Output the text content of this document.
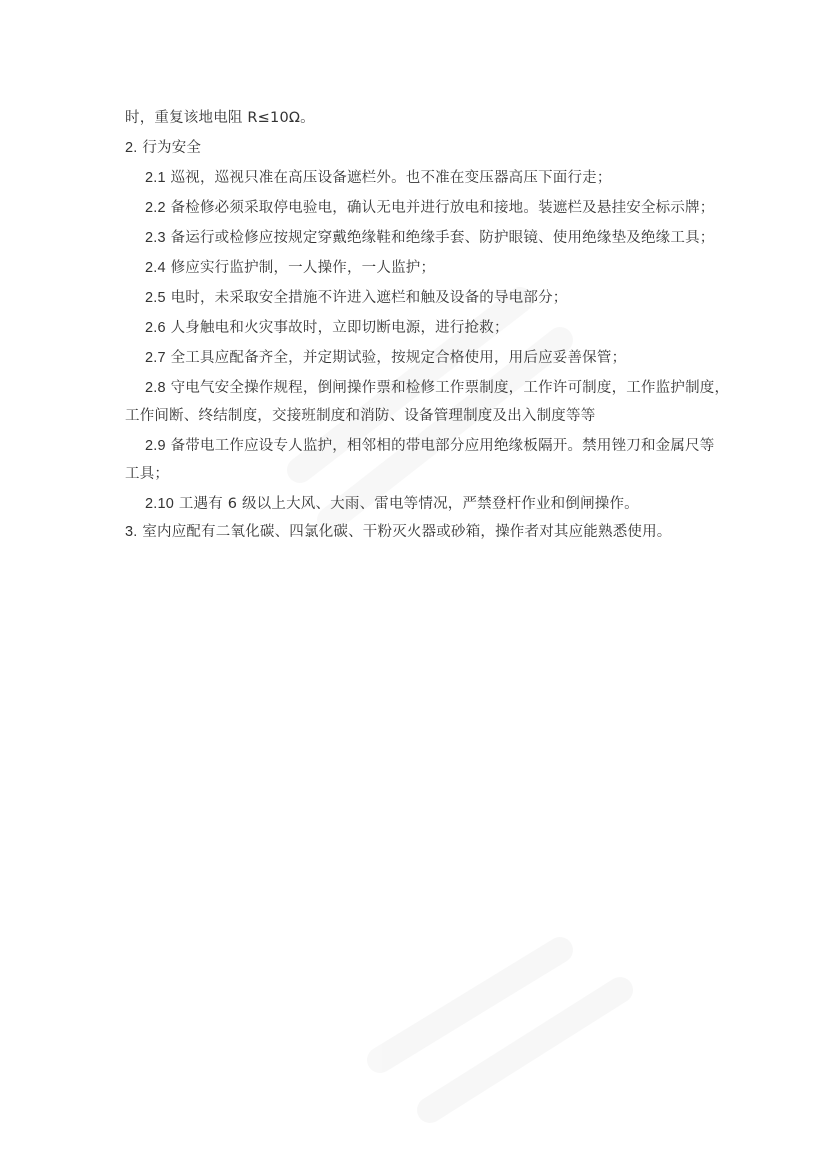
时，重复该地电阻 R≤10Ω。
2. 行为安全
2.1 巡视，巡视只准在高压设备遮栏外。也不准在变压器高压下面行走；
2.2 备检修必须采取停电验电，确认无电并进行放电和接地。装遮栏及悬挂安全标示牌；
2.3 备运行或检修应按规定穿戴绝缘鞋和绝缘手套、防护眼镜、使用绝缘垫及绝缘工具；
2.4 修应实行监护制，一人操作，一人监护；
2.5 电时，未采取安全措施不许进入遮栏和触及设备的导电部分；
2.6 人身触电和火灾事故时，立即切断电源，进行抢救；
2.7 全工具应配备齐全，并定期试验，按规定合格使用，用后应妥善保管；
2.8 守电气安全操作规程，倒闸操作票和检修工作票制度，工作许可制度，工作监护制度，
工作间断、终结制度，交接班制度和消防、设备管理制度及出入制度等等
2.9 备带电工作应设专人监护，相邻相的带电部分应用绝缘板隔开。禁用锉刀和金属尺等
工具；
2.10 工遇有 6 级以上大风、大雨、雷电等情况，严禁登杆作业和倒闸操作。
3. 室内应配有二氧化碳、四氯化碳、干粉灭火器或砂箱，操作者对其应能熟悉使用。
